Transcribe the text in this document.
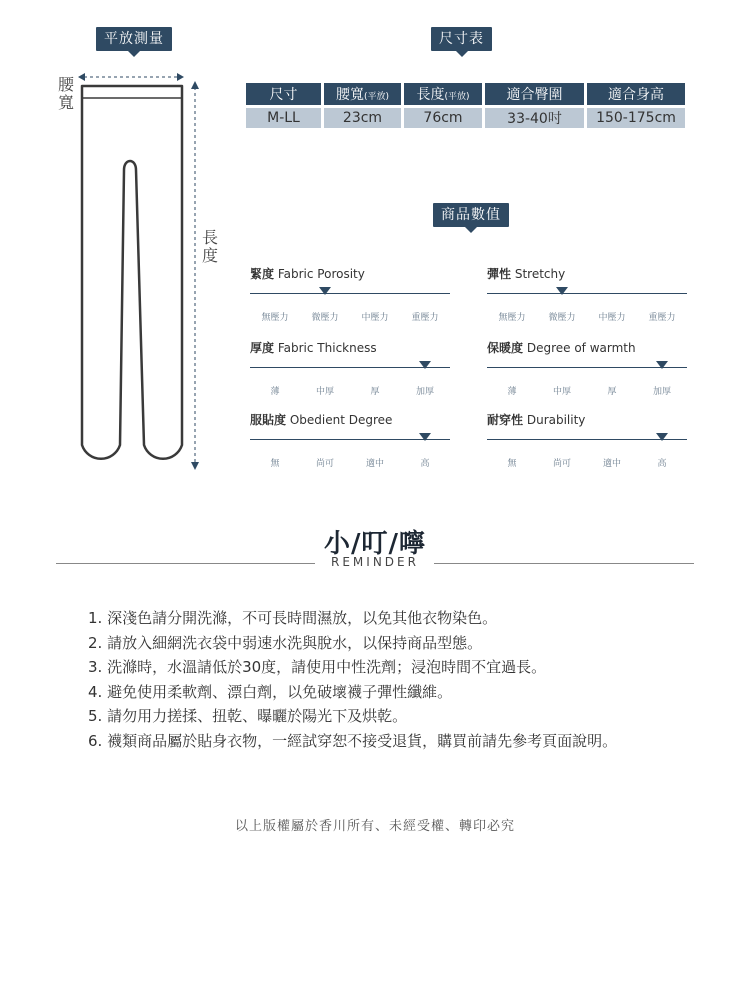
平放測量
腰
寬
長
度
尺寸表
尺寸	腰寬(平放)	長度(平放)	適合臀圍	適合身高
M-LL	23cm	76cm	33-40吋	150-175cm
商品數值
緊度 Fabric Porosity
無壓力	微壓力	中壓力	重壓力
彈性 Stretchy
無壓力	微壓力	中壓力	重壓力
厚度 Fabric Thickness
薄	中厚	厚	加厚
保暖度 Degree of warmth
薄	中厚	厚	加厚
服貼度 Obedient Degree
無	尚可	適中	高
耐穿性 Durability
無	尚可	適中	高
小/叮/嚀
REMINDER
1. 深淺色請分開洗滌，不可長時間濕放，以免其他衣物染色。
2. 請放入細網洗衣袋中弱速水洗與脫水，以保持商品型態。
3. 洗滌時，水溫請低於30度，請使用中性洗劑；浸泡時間不宜過長。
4. 避免使用柔軟劑、漂白劑，以免破壞襪子彈性纖維。
5. 請勿用力搓揉、扭乾、曝曬於陽光下及烘乾。
6. 襪類商品屬於貼身衣物，一經試穿恕不接受退貨，購買前請先參考頁面說明。
以上版權屬於香川所有、未經受權、轉印必究
